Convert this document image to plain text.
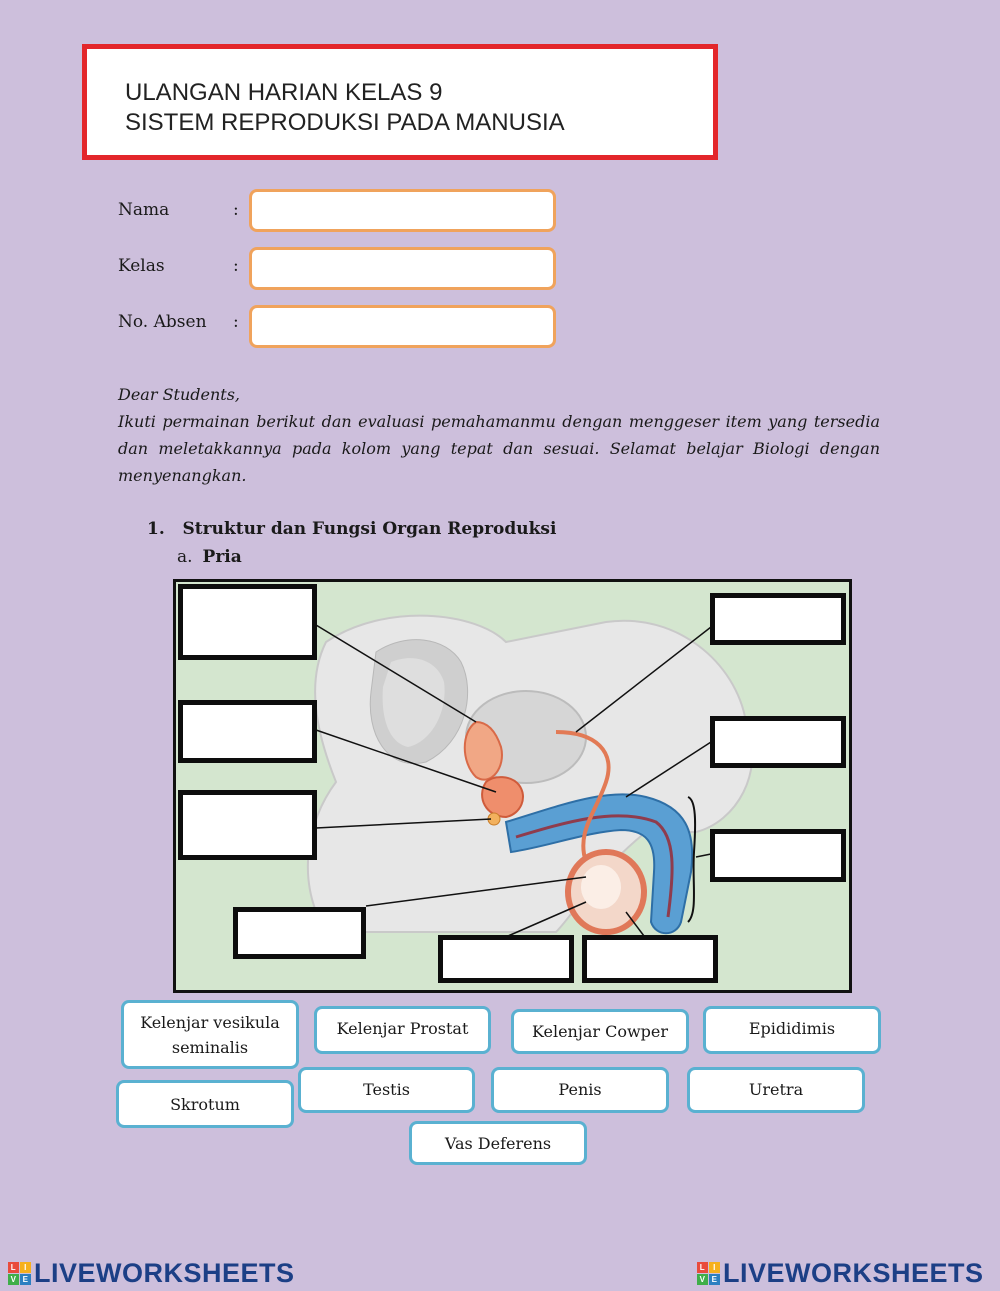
ULANGAN HARIAN KELAS 9
SISTEM REPRODUKSI PADA MANUSIA
Nama	:
Kelas	:
No. Absen :
Dear Students,
Ikuti permainan berikut dan evaluasi pemahamanmu dengan menggeser item yang tersedia dan meletakkannya pada kolom yang tepat dan sesuai. Selamat belajar Biologi dengan menyenangkan.
1.   Struktur dan Fungsi Organ Reproduksi
a. Pria
Kelenjar vesikula seminalis
Kelenjar Prostat	Kelenjar Cowper	Epididimis
Skrotum
Testis	Penis	Uretra
Vas Deferens
L I
V E LIVEWORKSHEETS	L I
V E LIVEWORKSHEETS
